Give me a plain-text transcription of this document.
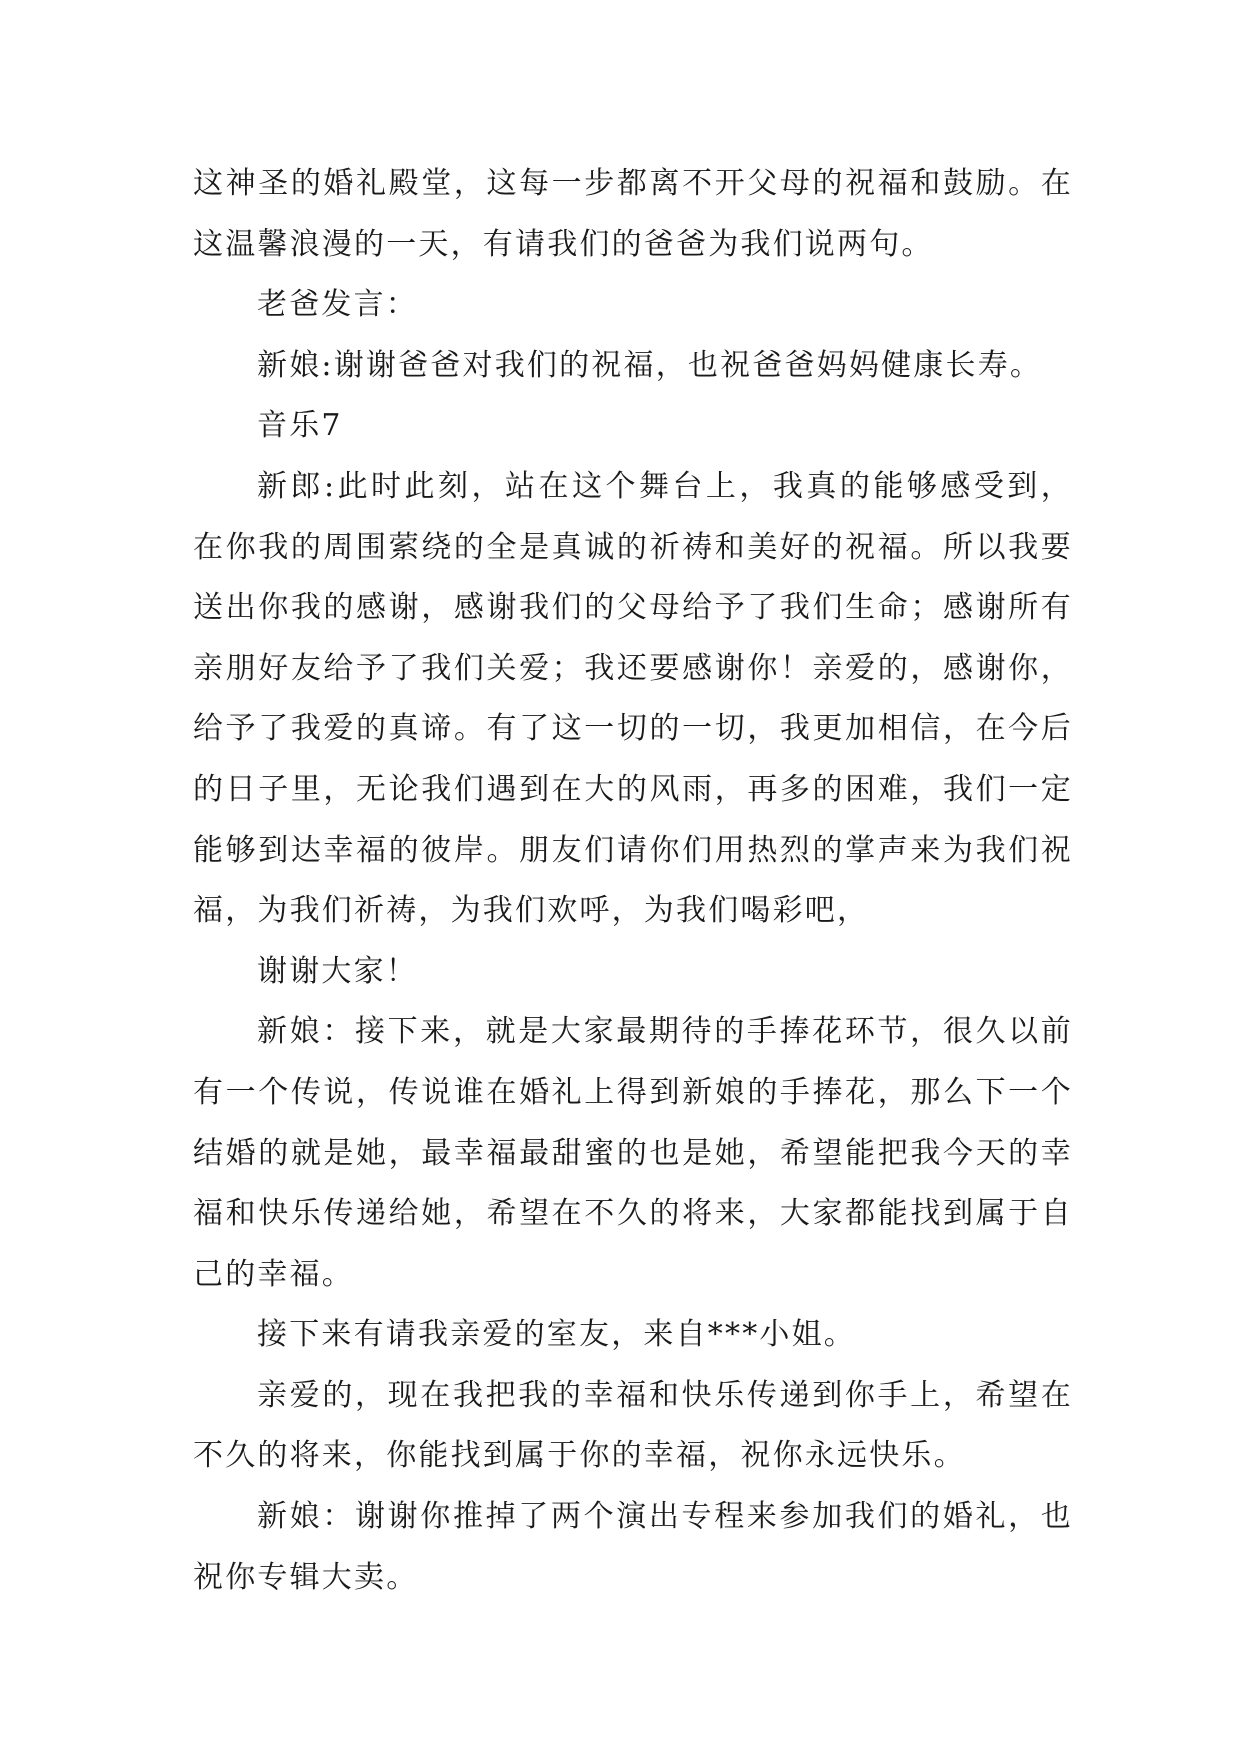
这神圣的婚礼殿堂，这每一步都离不开父母的祝福和鼓励。在这温馨浪漫的一天，有请我们的爸爸为我们说两句。

老爸发言：

新娘:谢谢爸爸对我们的祝福，也祝爸爸妈妈健康长寿。

音乐7

新郎:此时此刻，站在这个舞台上，我真的能够感受到，在你我的周围萦绕的全是真诚的祈祷和美好的祝福。所以我要送出你我的感谢，感谢我们的父母给予了我们生命；感谢所有亲朋好友给予了我们关爱；我还要感谢你！亲爱的，感谢你，给予了我爱的真谛。有了这一切的一切，我更加相信，在今后的日子里，无论我们遇到在大的风雨，再多的困难，我们一定能够到达幸福的彼岸。朋友们请你们用热烈的掌声来为我们祝福，为我们祈祷，为我们欢呼，为我们喝彩吧，

谢谢大家！

新娘：接下来，就是大家最期待的手捧花环节，很久以前有一个传说，传说谁在婚礼上得到新娘的手捧花，那么下一个结婚的就是她，最幸福最甜蜜的也是她，希望能把我今天的幸福和快乐传递给她，希望在不久的将来，大家都能找到属于自己的幸福。

接下来有请我亲爱的室友，来自***小姐。

亲爱的，现在我把我的幸福和快乐传递到你手上，希望在不久的将来，你能找到属于你的幸福，祝你永远快乐。

新娘：谢谢你推掉了两个演出专程来参加我们的婚礼，也祝你专辑大卖。
